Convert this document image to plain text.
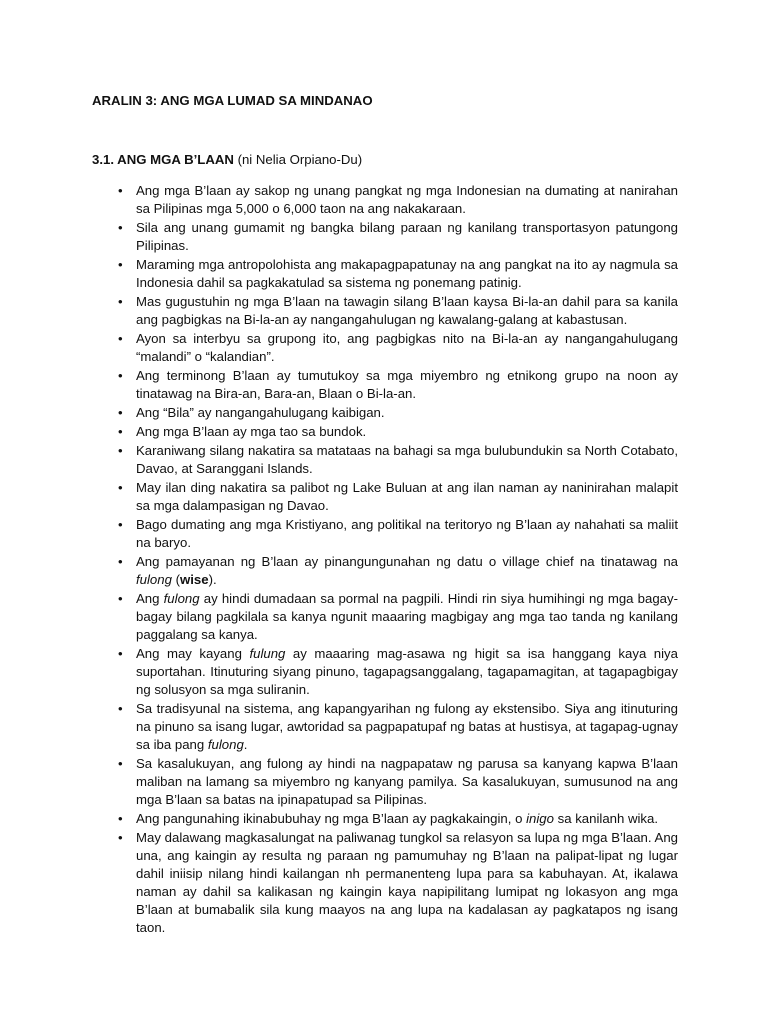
ARALIN 3: ANG MGA LUMAD SA MINDANAO

3.1. ANG MGA B’LAAN (ni Nelia Orpiano-Du)

•	Ang mga B’laan ay sakop ng unang pangkat ng mga Indonesian na dumating at nanirahan sa Pilipinas mga 5,000 o 6,000 taon na ang nakakaraan.
•	Sila ang unang gumamit ng bangka bilang paraan ng kanilang transportasyon patungong Pilipinas.
•	Maraming mga antropolohista ang makapagpapatunay na ang pangkat na ito ay nagmula sa Indonesia dahil sa pagkakatulad sa sistema ng ponemang patinig.
•	Mas gugustuhin ng mga B’laan na tawagin silang B’laan kaysa Bi-la-an dahil para sa kanila ang pagbigkas na Bi-la-an ay nangangahulugan ng kawalang-galang at kabastusan.
•	Ayon sa interbyu sa grupong ito, ang pagbigkas nito na Bi-la-an ay nangangahulugang “malandi” o “kalandian”.
•	Ang terminong B’laan ay tumutukoy sa mga miyembro ng etnikong grupo na noon ay tinatawag na Bira-an, Bara-an, Blaan o Bi-la-an.
•	Ang “Bila” ay nangangahulugang kaibigan.
•	Ang mga B’laan ay mga tao sa bundok.
•	Karaniwang silang nakatira sa matataas na bahagi sa mga bulubundukin sa North Cotabato, Davao, at Saranggani Islands.
•	May ilan ding nakatira sa palibot ng Lake Buluan at ang ilan naman ay naninirahan malapit sa mga dalampasigan ng Davao.
•	Bago dumating ang mga Kristiyano, ang politikal na teritoryo ng B’laan ay nahahati sa maliit na baryo.
•	Ang pamayanan ng B’laan ay pinangungunahan ng datu o village chief na tinatawag na fulong (wise).
•	Ang fulong ay hindi dumadaan sa pormal na pagpili. Hindi rin siya humihingi ng mga bagay-bagay bilang pagkilala sa kanya ngunit maaaring magbigay ang mga tao tanda ng kanilang paggalang sa kanya.
•	Ang may kayang fulung ay maaaring mag-asawa ng higit sa isa hanggang kaya niya suportahan. Itinuturing siyang pinuno, tagapagsanggalang, tagapamagitan, at tagapagbigay ng solusyon sa mga suliranin.
•	Sa tradisyunal na sistema, ang kapangyarihan ng fulong ay ekstensibo. Siya ang itinuturing na pinuno sa isang lugar, awtoridad sa pagpapatupaf ng batas at hustisya, at tagapag-ugnay sa iba pang fulong.
•	Sa kasalukuyan, ang fulong ay hindi na nagpapataw ng parusa sa kanyang kapwa B’laan maliban na lamang sa miyembro ng kanyang pamilya. Sa kasalukuyan, sumusunod na ang mga B’laan sa batas na ipinapatupad sa Pilipinas.
•	Ang pangunahing ikinabubuhay ng mga B’laan ay pagkakaingin, o inigo sa kanilanh wika.
•	May dalawang magkasalungat na paliwanag tungkol sa relasyon sa lupa ng mga B’laan. Ang una, ang kaingin ay resulta ng paraan ng pamumuhay ng B’laan na palipat-lipat ng lugar dahil iniisip nilang hindi kailangan nh permanenteng lupa para sa kabuhayan. At, ikalawa naman ay dahil sa kalikasan ng kaingin kaya napipilitang lumipat ng lokasyon ang mga B’laan at bumabalik sila kung maayos na ang lupa na kadalasan ay pagkatapos ng isang taon.
